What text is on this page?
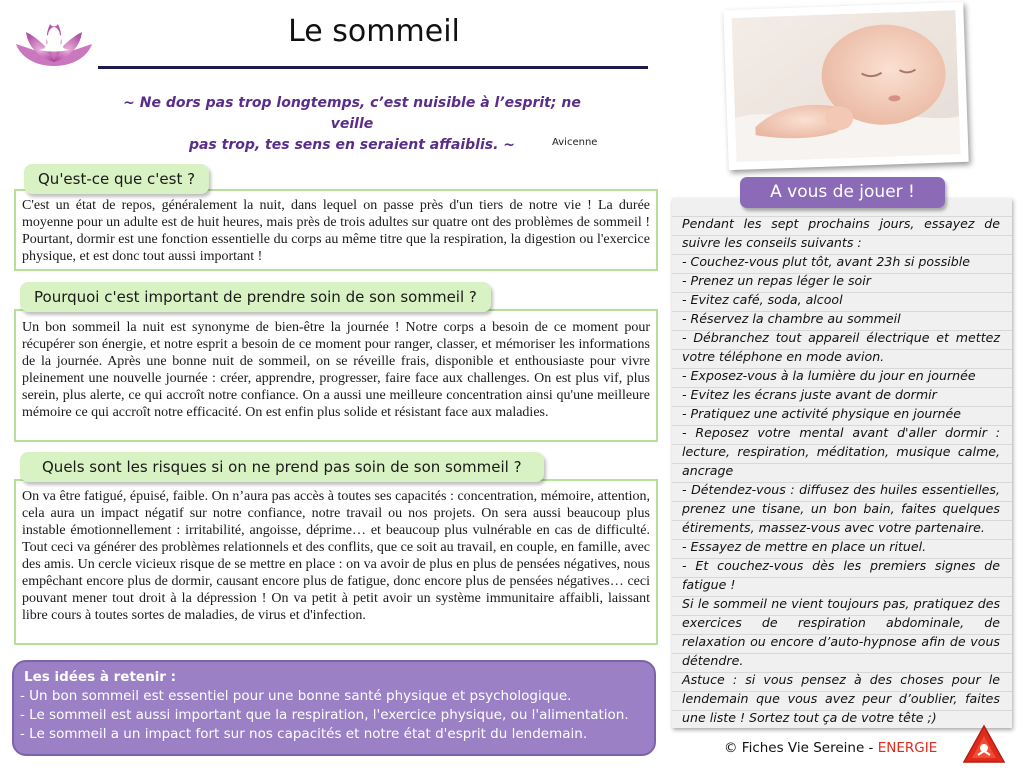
Le sommeil
~ Ne dors pas trop longtemps, c’est nuisible à l’esprit; ne veille
pas trop, tes sens en seraient affaiblis. ~	Avicenne
Qu'est-ce que c'est ?
C'est un état de repos, généralement la nuit, dans lequel on passe près d'un tiers de notre vie ! La durée moyenne pour un adulte est de huit heures, mais près de trois adultes sur quatre ont des problèmes de sommeil ! Pourtant, dormir est une fonction essentielle du corps au même titre que la respiration, la digestion ou l'exercice physique, et est donc tout aussi important !
Pourquoi c'est important de prendre soin de son sommeil ?
Un bon sommeil la nuit est synonyme de bien-être la journée ! Notre corps a besoin de ce moment pour récupérer son énergie, et notre esprit a besoin de ce moment pour ranger, classer, et mémoriser les informations de la journée. Après une bonne nuit de sommeil, on se réveille frais, disponible et enthousiaste pour vivre pleinement une nouvelle journée : créer, apprendre, progresser, faire face aux challenges. On est plus vif, plus serein, plus alerte, ce qui accroît notre confiance. On a aussi une meilleure concentration ainsi qu'une meilleure mémoire ce qui accroît notre efficacité. On est enfin plus solide et résistant face aux maladies.
Quels sont les risques si on ne prend pas soin de son sommeil ?
On va être fatigué, épuisé, faible. On n’aura pas accès à toutes ses capacités : concentration, mémoire, attention, cela aura un impact négatif sur notre confiance, notre travail ou nos projets. On sera aussi beaucoup plus instable émotionnellement : irritabilité, angoisse, déprime… et beaucoup plus vulnérable en cas de difficulté. Tout ceci va générer des problèmes relationnels et des conflits, que ce soit au travail, en couple, en famille, avec des amis. Un cercle vicieux risque de se mettre en place : on va avoir de plus en plus de pensées négatives, nous empêchant encore plus de dormir, causant encore plus de fatigue, donc encore plus de pensées négatives… ceci pouvant mener tout droit à la dépression ! On va petit à petit avoir un système immunitaire affaibli, laissant libre cours à toutes sortes de maladies, de virus et d'infection.
Les idées à retenir :
- Un bon sommeil est essentiel pour une bonne santé physique et psychologique.
- Le sommeil est aussi important que la respiration, l'exercice physique, ou l'alimentation.
- Le sommeil a un impact fort sur nos capacités et notre état d'esprit du lendemain.

Pendant les sept prochains jours, essayez de suivre les conseils suivants :

- Couchez-vous plut tôt, avant 23h si possible

- Prenez un repas léger le soir

- Evitez café, soda, alcool

- Réservez la chambre au sommeil

- Débranchez tout appareil électrique et mettez votre téléphone en mode avion.

- Exposez-vous à la lumière du jour en journée

- Evitez les écrans juste avant de dormir

- Pratiquez une activité physique en journée

- Reposez votre mental avant d'aller dormir : lecture, respiration, méditation, musique calme, ancrage

- Détendez-vous : diffusez des huiles essentielles, prenez une tisane, un bon bain, faites quelques étirements, massez-vous avec votre partenaire.

- Essayez de mettre en place un rituel.

- Et couchez-vous dès les premiers signes de fatigue !

Si le sommeil ne vient toujours pas, pratiquez des exercices de respiration abdominale, de relaxation ou encore d’auto-hypnose afin de vous détendre.

Astuce : si vous pensez à des choses pour le lendemain que vous avez peur d’oublier, faites une liste ! Sortez tout ça de votre tête ;)

A vous de jouer !
© Fiches Vie Sereine - ENERGIE
